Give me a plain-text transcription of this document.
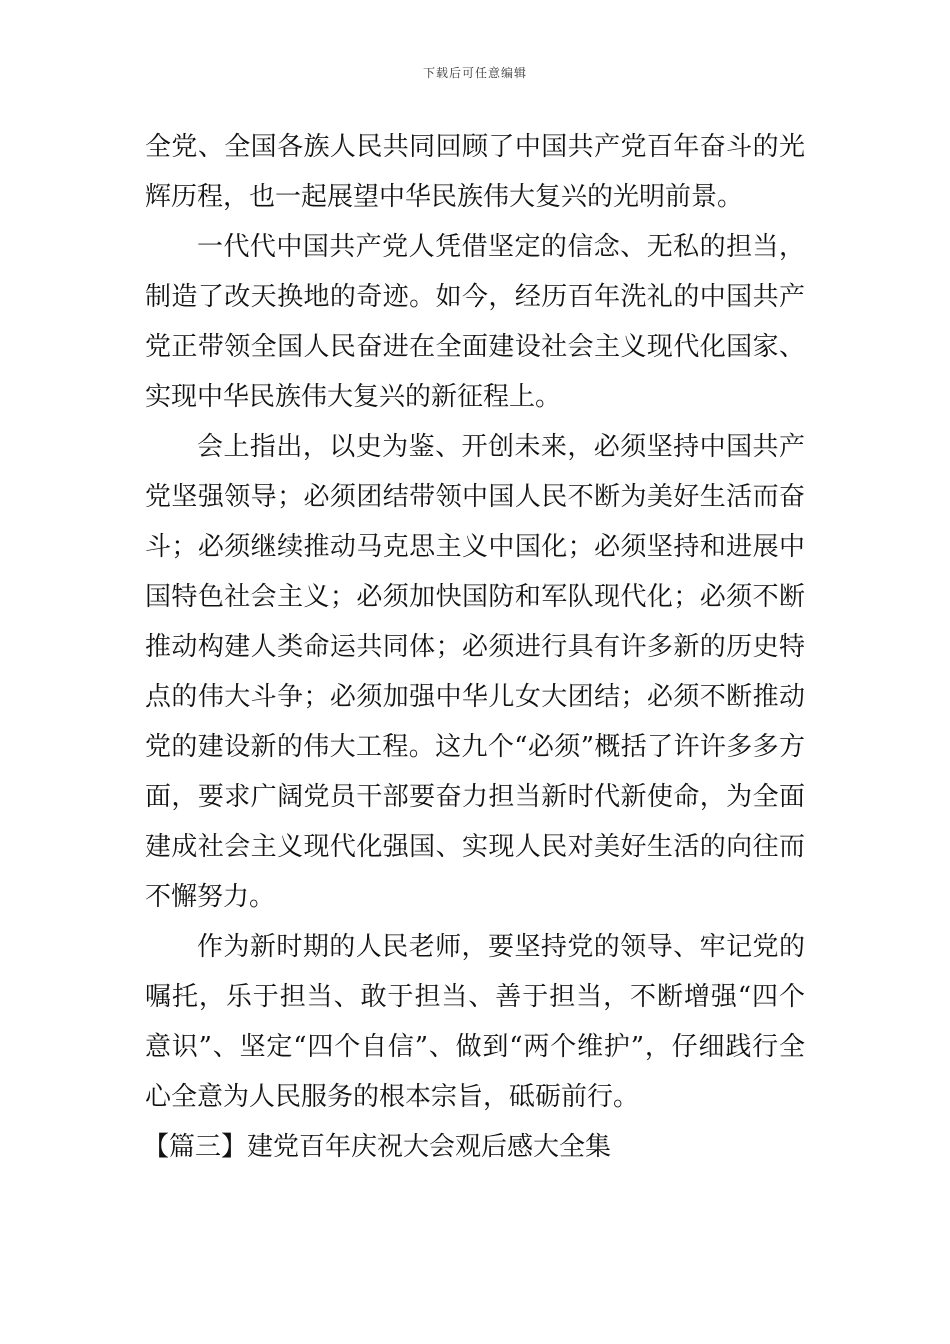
下载后可任意编辑

全党、全国各族人民共同回顾了中国共产党百年奋斗的光辉历程，也一起展望中华民族伟大复兴的光明前景。

一代代中国共产党人凭借坚定的信念、无私的担当，制造了改天换地的奇迹。如今，经历百年洗礼的中国共产党正带领全国人民奋进在全面建设社会主义现代化国家、实现中华民族伟大复兴的新征程上。

会上指出，以史为鉴、开创未来，必须坚持中国共产党坚强领导；必须团结带领中国人民不断为美好生活而奋斗；必须继续推动马克思主义中国化；必须坚持和进展中国特色社会主义；必须加快国防和军队现代化；必须不断推动构建人类命运共同体；必须进行具有许多新的历史特点的伟大斗争；必须加强中华儿女大团结；必须不断推动党的建设新的伟大工程。这九个“必须”概括了许许多多方面，要求广阔党员干部要奋力担当新时代新使命，为全面建成社会主义现代化强国、实现人民对美好生活的向往而不懈努力。

作为新时期的人民老师，要坚持党的领导、牢记党的嘱托，乐于担当、敢于担当、善于担当，不断增强“四个意识”、坚定“四个自信”、做到“两个维护”，仔细践行全心全意为人民服务的根本宗旨，砥砺前行。

【篇三】建党百年庆祝大会观后感大全集
